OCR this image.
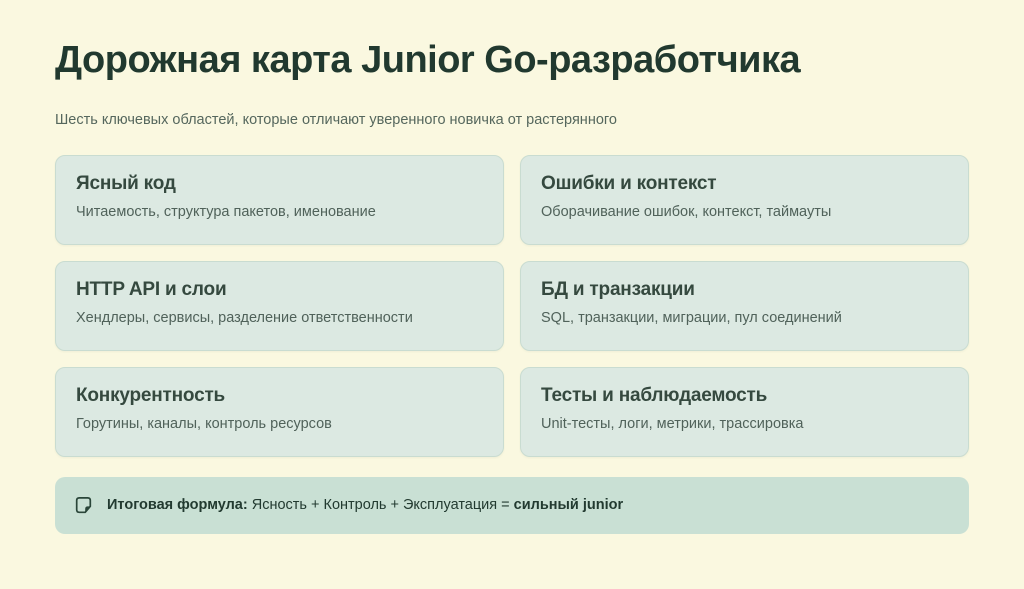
Дорожная карта Junior Go-разработчика
Шесть ключевых областей, которые отличают уверенного новичка от растерянного
Ясный код
Читаемость, структура пакетов, именование
Ошибки и контекст
Оборачивание ошибок, контекст, таймауты
HTTP API и слои
Хендлеры, сервисы, разделение ответственности
БД и транзакции
SQL, транзакции, миграции, пул соединений
Конкурентность
Горутины, каналы, контроль ресурсов
Тесты и наблюдаемость
Unit-тесты, логи, метрики, трассировка
Итоговая формула: Ясность + Контроль + Эксплуатация = сильный junior
